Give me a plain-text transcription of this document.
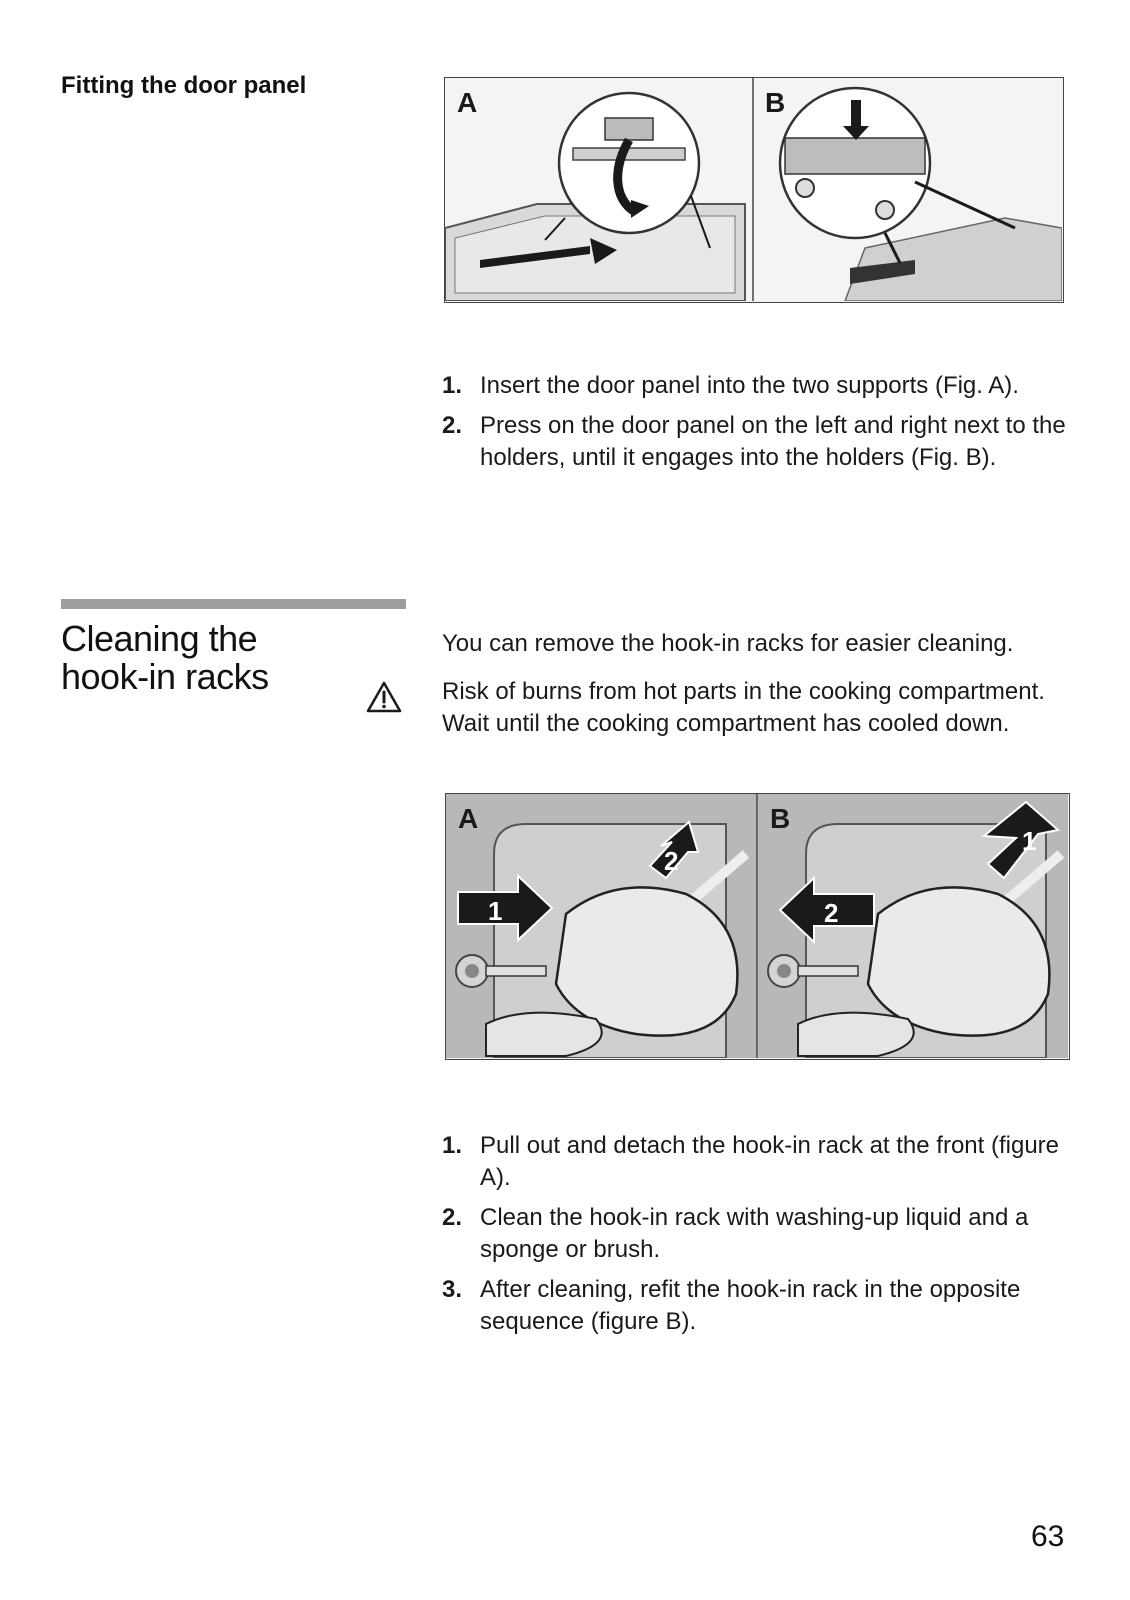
Fitting the door panel
A	B
1. Insert the door panel into the two supports (Fig. A).
2. Press on the door panel on the left and right next to the holders, until it engages into the holders (Fig. B).
Cleaning the
hook-in racks

You can remove the hook-in racks for easier cleaning.

Risk of burns from hot parts in the cooking compartment. Wait until the cooking compartment has cooled down.

1
2
A
2
1
B
1. Pull out and detach the hook-in rack at the front (figure A).
2. Clean the hook-in rack with washing-up liquid and a sponge or brush.
3. After cleaning, refit the hook-in rack in the opposite sequence (figure B).
63
